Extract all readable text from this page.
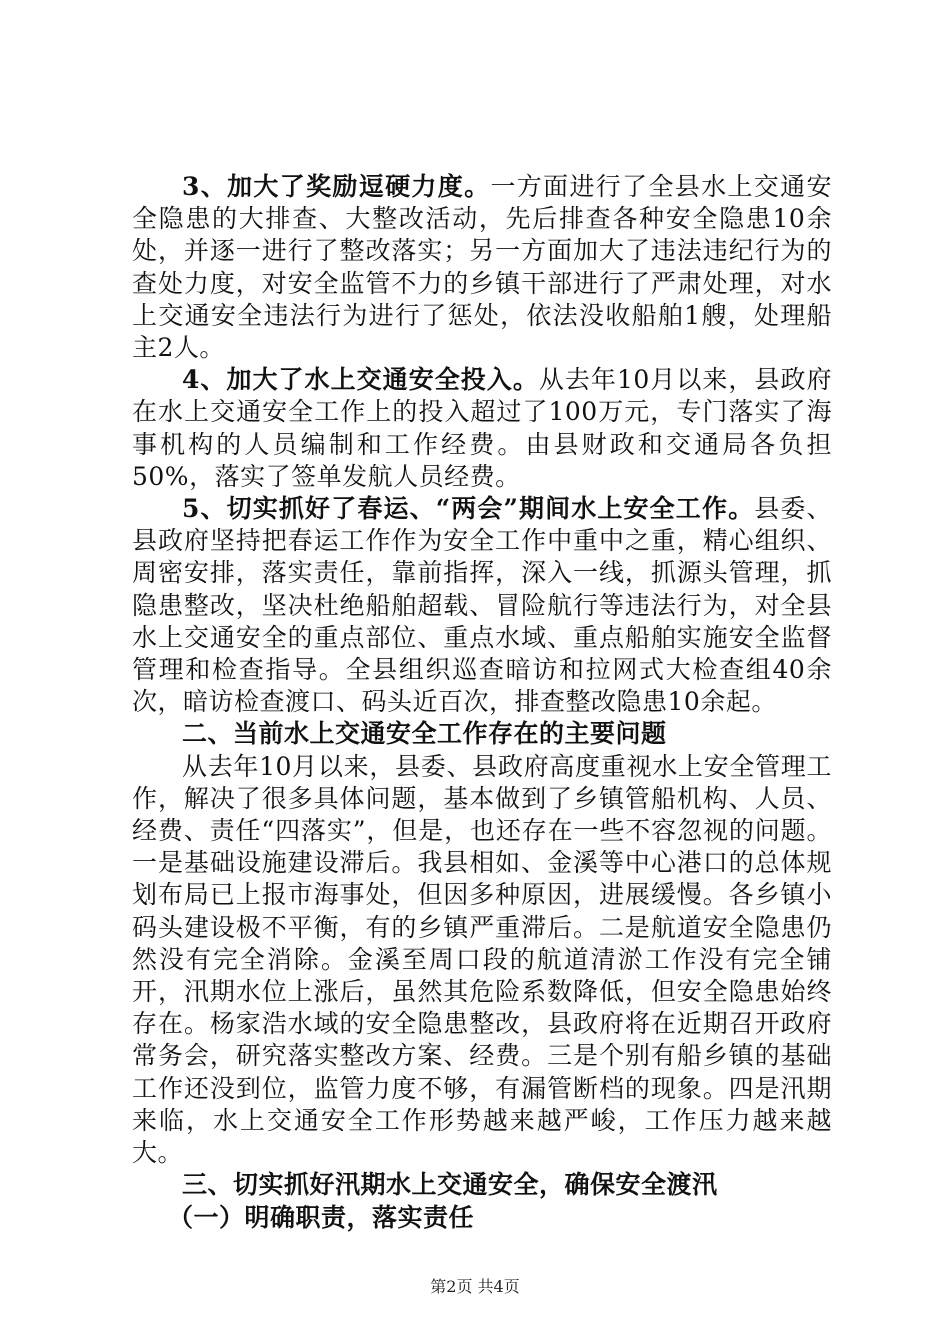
3、加大了奖励逗硬力度。一方面进行了全县水上交通安全隐患的大排查、大整改活动，先后排查各种安全隐患10余处，并逐一进行了整改落实；另一方面加大了违法违纪行为的查处力度，对安全监管不力的乡镇干部进行了严肃处理，对水上交通安全违法行为进行了惩处，依法没收船舶1艘，处理船主2人。

4、加大了水上交通安全投入。从去年10月以来，县政府在水上交通安全工作上的投入超过了100万元，专门落实了海事机构的人员编制和工作经费。由县财政和交通局各负担50%，落实了签单发航人员经费。

5、切实抓好了春运、“两会”期间水上安全工作。县委、县政府坚持把春运工作作为安全工作中重中之重，精心组织、周密安排，落实责任，靠前指挥，深入一线，抓源头管理，抓隐患整改，坚决杜绝船舶超载、冒险航行等违法行为，对全县水上交通安全的重点部位、重点水域、重点船舶实施安全监督管理和检查指导。全县组织巡查暗访和拉网式大检查组40余次，暗访检查渡口、码头近百次，排查整改隐患10余起。

二、当前水上交通安全工作存在的主要问题

从去年10月以来，县委、县政府高度重视水上安全管理工作，解决了很多具体问题，基本做到了乡镇管船机构、人员、经费、责任“四落实”，但是，也还存在一些不容忽视的问题。一是基础设施建设滞后。我县相如、金溪等中心港口的总体规划布局已上报市海事处，但因多种原因，进展缓慢。各乡镇小码头建设极不平衡，有的乡镇严重滞后。二是航道安全隐患仍然没有完全消除。金溪至周口段的航道清淤工作没有完全铺开，汛期水位上涨后，虽然其危险系数降低，但安全隐患始终存在。杨家浩水域的安全隐患整改，县政府将在近期召开政府常务会，研究落实整改方案、经费。三是个别有船乡镇的基础工作还没到位，监管力度不够，有漏管断档的现象。四是汛期来临，水上交通安全工作形势越来越严峻，工作压力越来越大。

三、切实抓好汛期水上交通安全，确保安全渡汛

（一）明确职责，落实责任

第2页 共4页
